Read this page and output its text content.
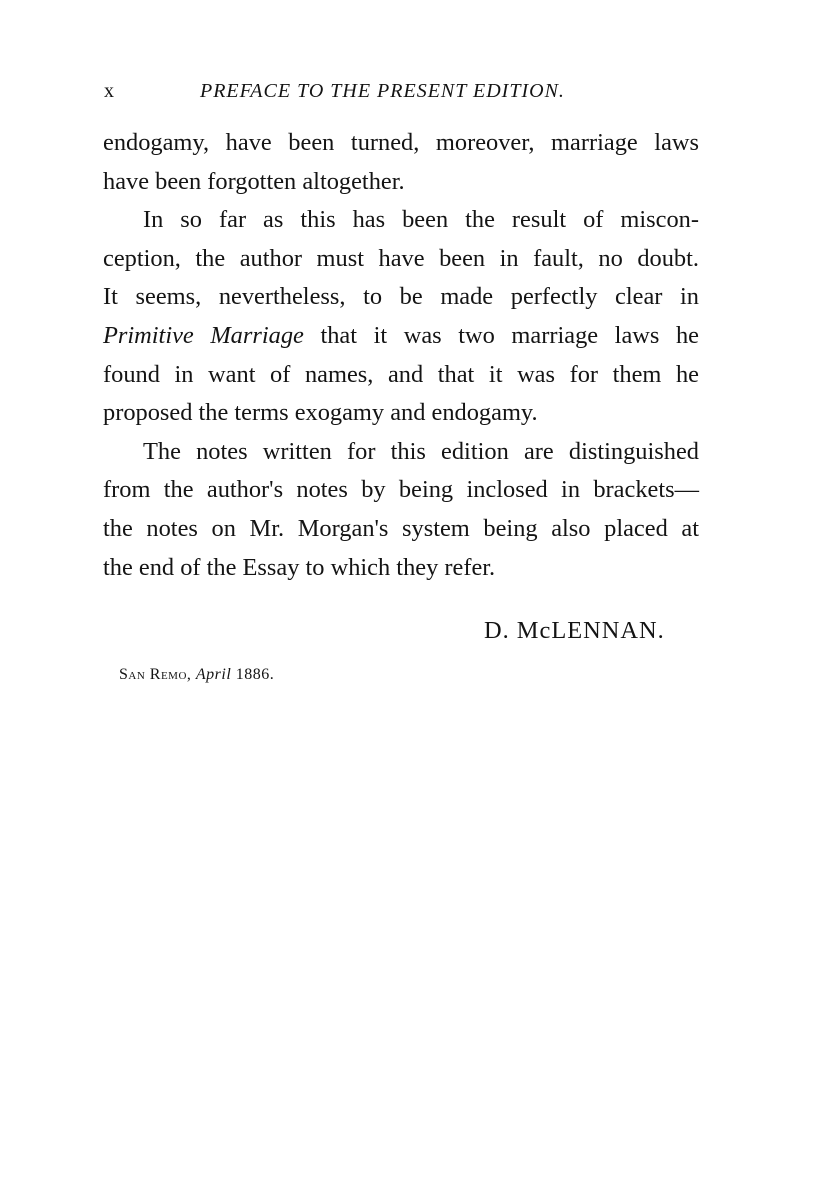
x	PREFACE TO THE PRESENT EDITION.
endogamy, have been turned, moreover, marriage laws
have been forgotten altogether.
In so far as this has been the result of miscon-
ception, the author must have been in fault, no doubt.
It seems, nevertheless, to be made perfectly clear in
Primitive Marriage that it was two marriage laws he
found in want of names, and that it was for them he
proposed the terms exogamy and endogamy.
The notes written for this edition are distinguished
from the author's notes by being inclosed in brackets—
the notes on Mr. Morgan's system being also placed at
the end of the Essay to which they refer.
D. McLENNAN.
San Remo, April 1886.
